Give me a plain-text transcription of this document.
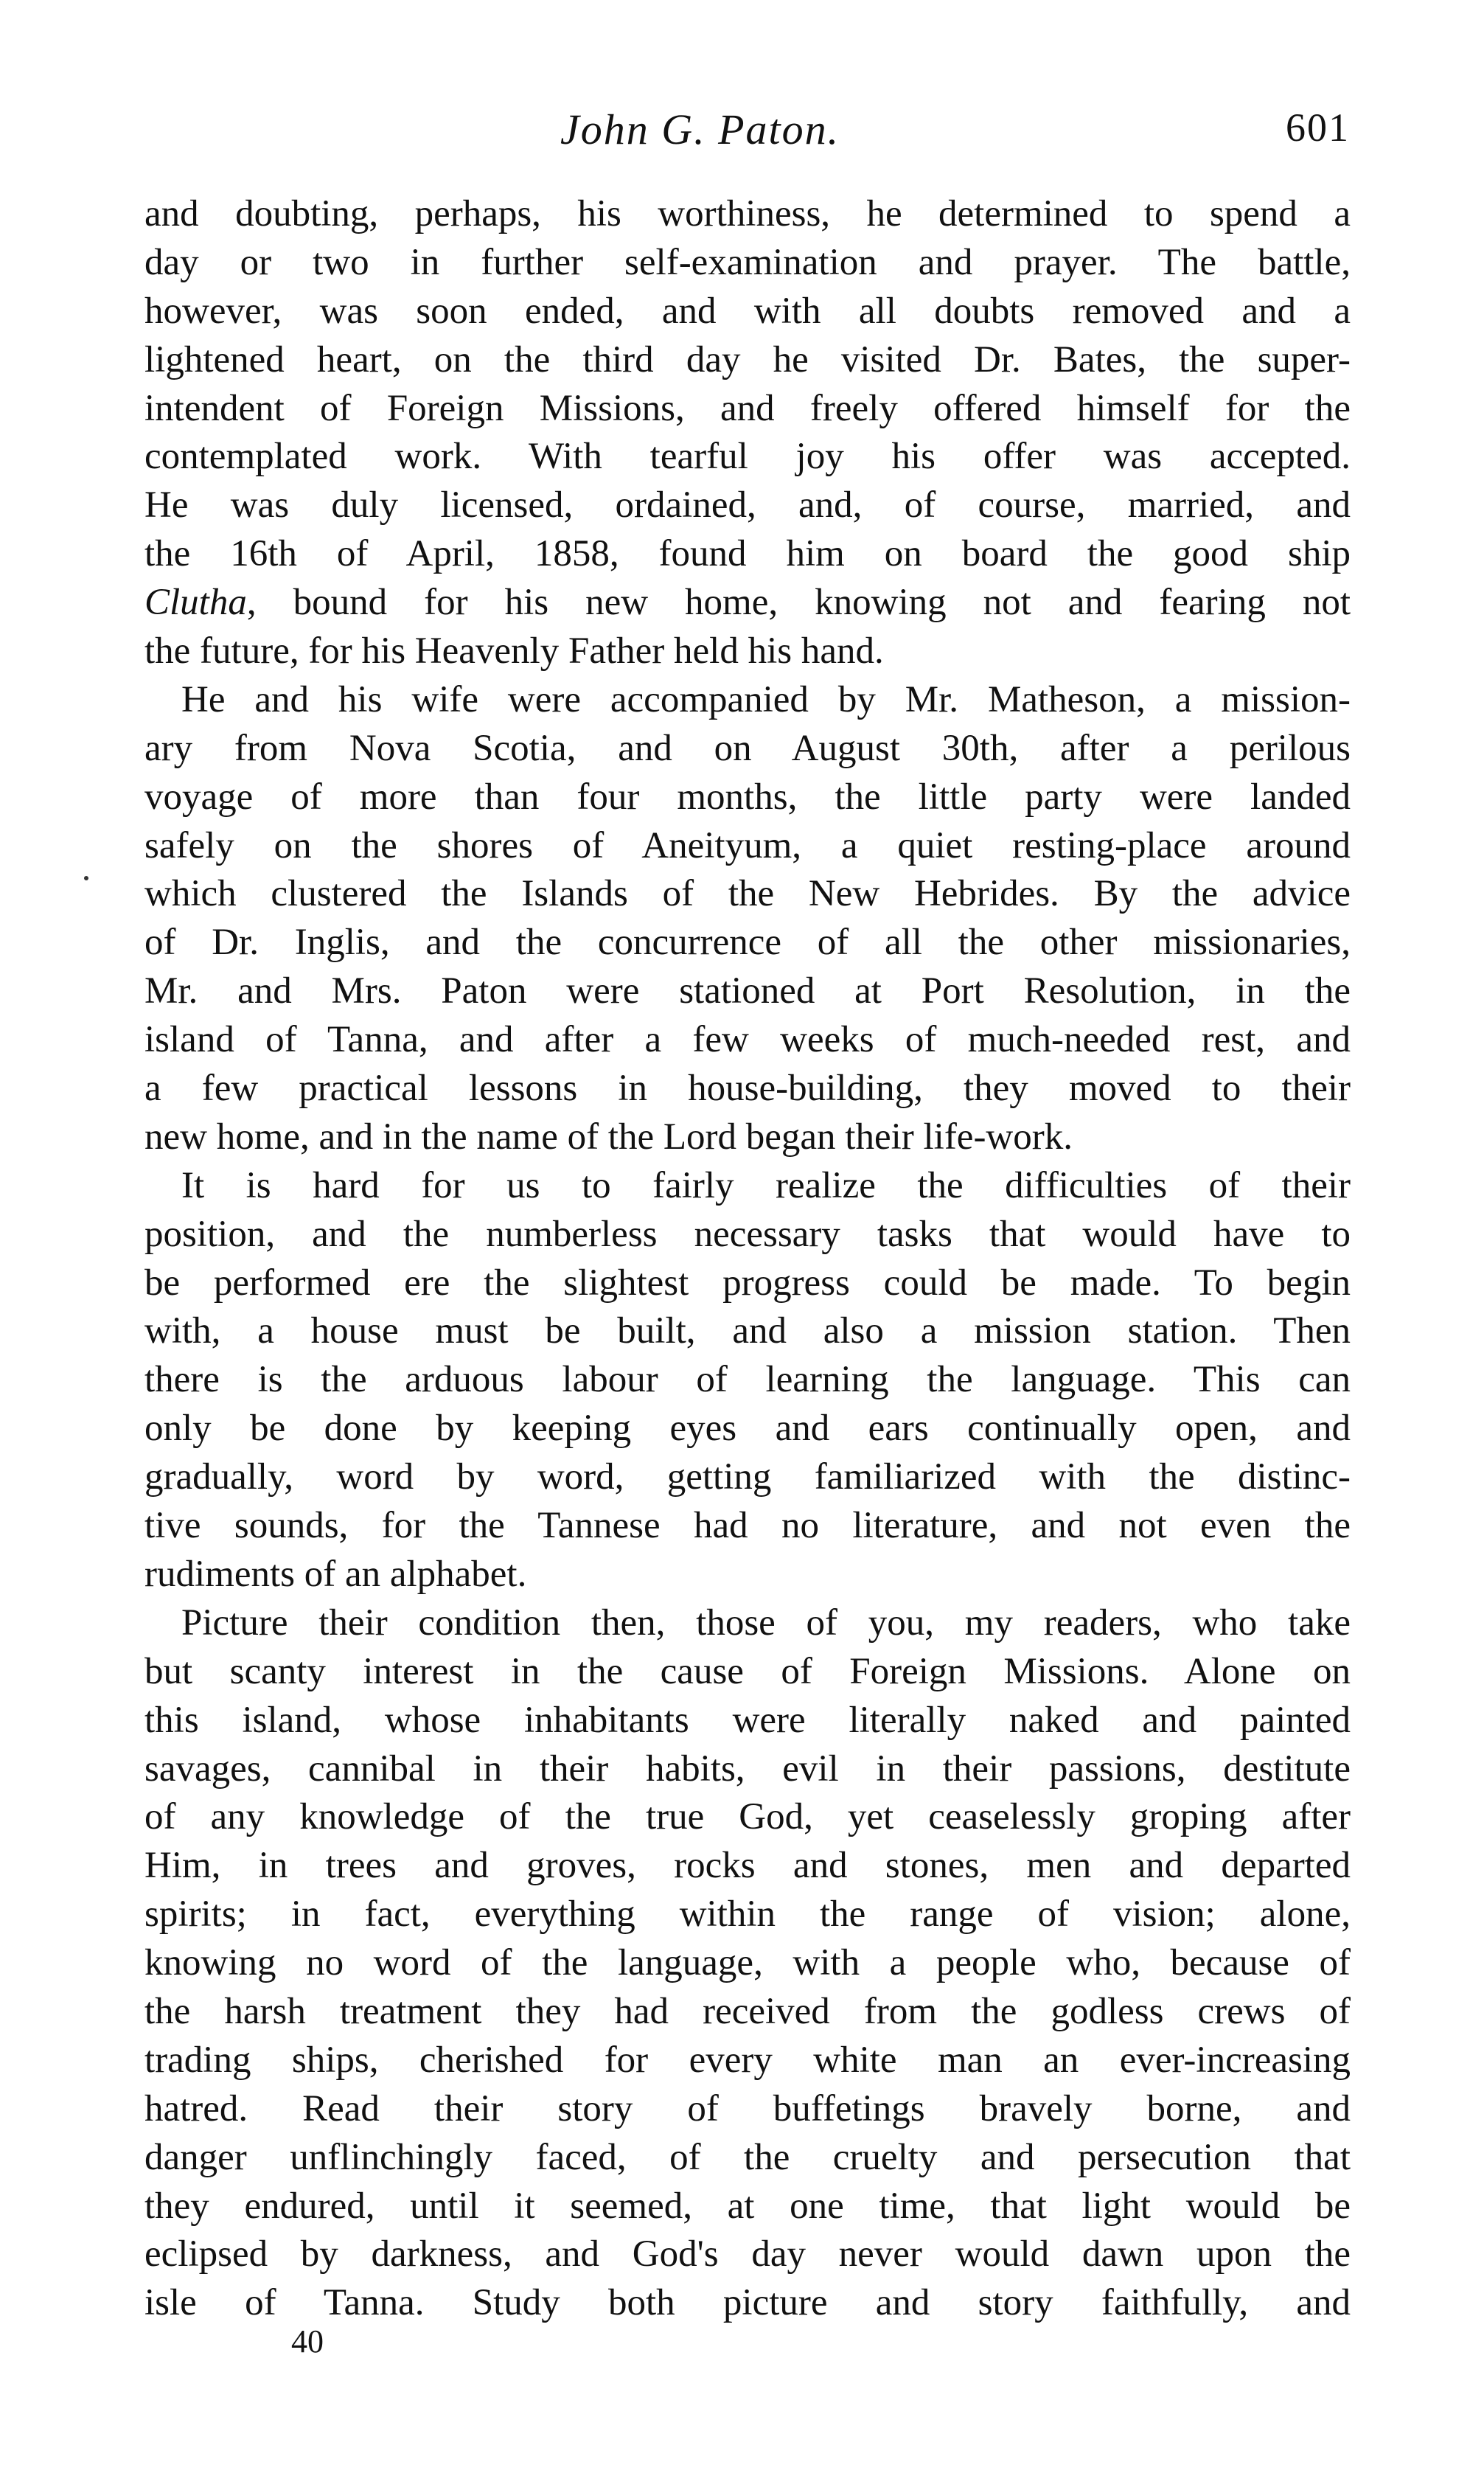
John G. Paton.	601
and doubting, perhaps, his worthiness, he determined to spend a
day or two in further self-examination and prayer. The battle,
however, was soon ended, and with all doubts removed and a
lightened heart, on the third day he visited Dr. Bates, the super-
intendent of Foreign Missions, and freely offered himself for the
contemplated work. With tearful joy his offer was accepted.
He was duly licensed, ordained, and, of course, married, and
the 16th of April, 1858, found him on board the good ship
Clutha, bound for his new home, knowing not and fearing not
the future, for his Heavenly Father held his hand.
He and his wife were accompanied by Mr. Matheson, a mission-
ary from Nova Scotia, and on August 30th, after a perilous
voyage of more than four months, the little party were landed
safely on the shores of Aneityum, a quiet resting-place around
which clustered the Islands of the New Hebrides. By the advice
of Dr. Inglis, and the concurrence of all the other missionaries,
Mr. and Mrs. Paton were stationed at Port Resolution, in the
island of Tanna, and after a few weeks of much-needed rest, and
a few practical lessons in house-building, they moved to their
new home, and in the name of the Lord began their life-work.
It is hard for us to fairly realize the difficulties of their
position, and the numberless necessary tasks that would have to
be performed ere the slightest progress could be made. To begin
with, a house must be built, and also a mission station. Then
there is the arduous labour of learning the language. This can
only be done by keeping eyes and ears continually open, and
gradually, word by word, getting familiarized with the distinc-
tive sounds, for the Tannese had no literature, and not even the
rudiments of an alphabet.
Picture their condition then, those of you, my readers, who take
but scanty interest in the cause of Foreign Missions. Alone on
this island, whose inhabitants were literally naked and painted
savages, cannibal in their habits, evil in their passions, destitute
of any knowledge of the true God, yet ceaselessly groping after
Him, in trees and groves, rocks and stones, men and departed
spirits; in fact, everything within the range of vision; alone,
knowing no word of the language, with a people who, because of
the harsh treatment they had received from the godless crews of
trading ships, cherished for every white man an ever-increasing
hatred. Read their story of buffetings bravely borne, and
danger unflinchingly faced, of the cruelty and persecution that
they endured, until it seemed, at one time, that light would be
eclipsed by darkness, and God's day never would dawn upon the
isle of Tanna. Study both picture and story faithfully, and
40
